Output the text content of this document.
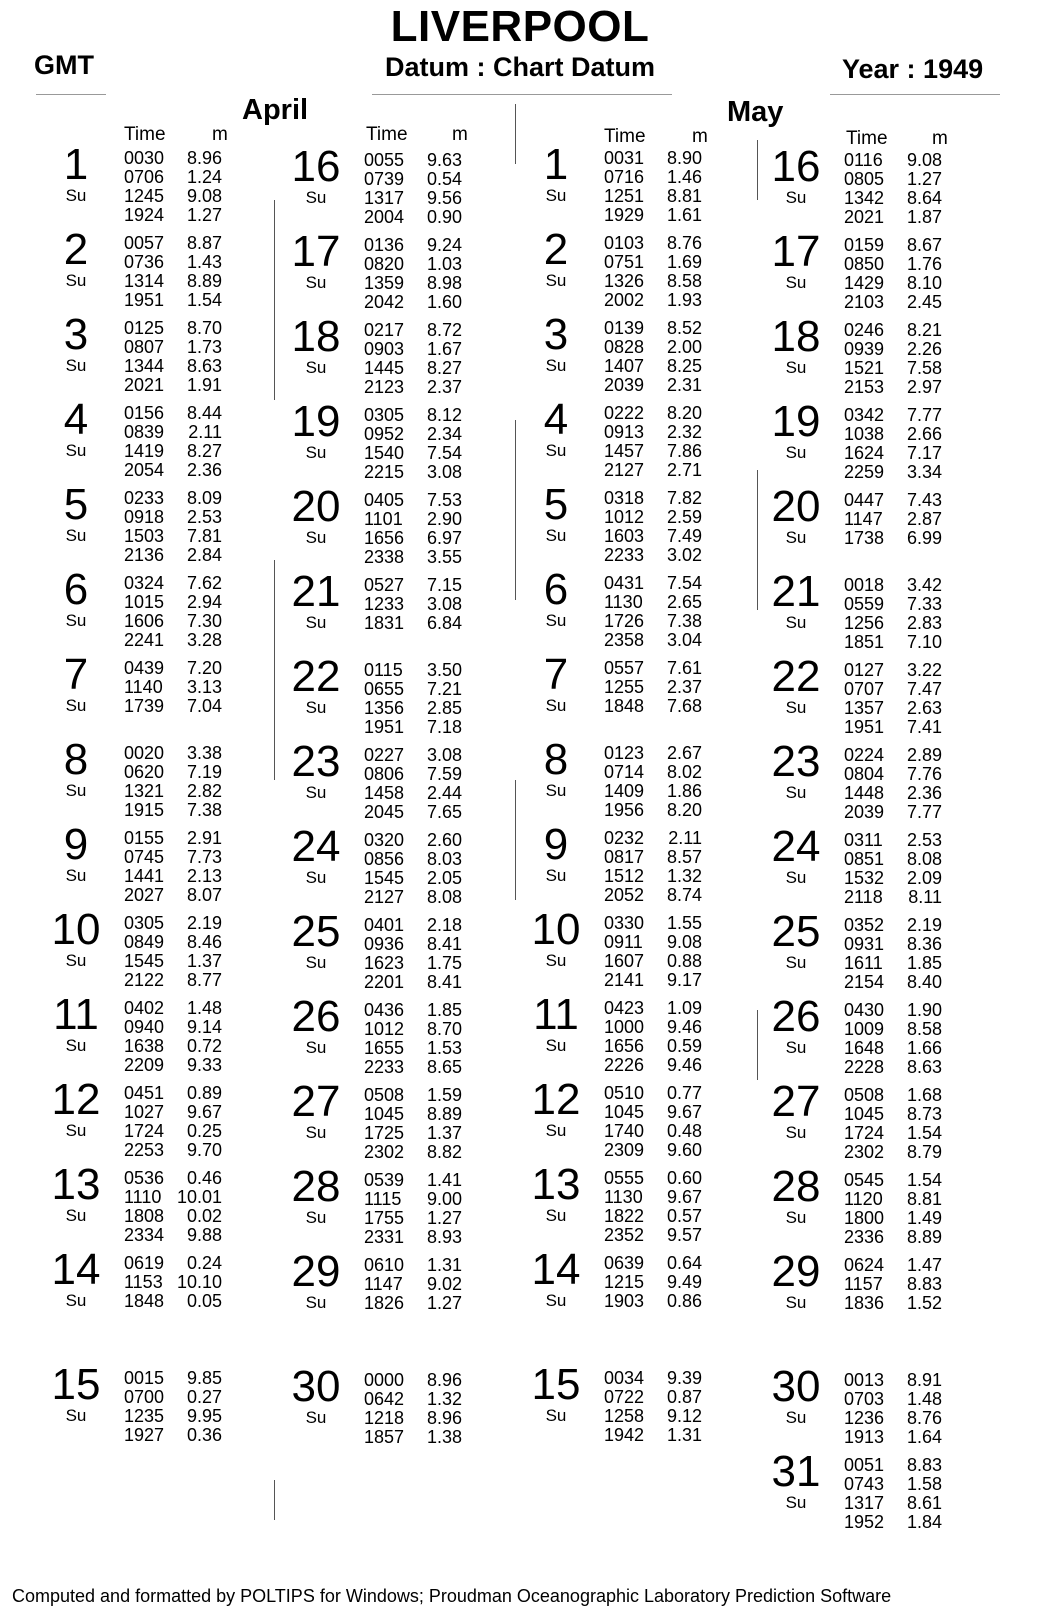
LIVERPOOL
GMT	Datum : Chart Datum	Year : 1949
April	May
Time m	Time m	Time m	Time m
1
Su
0030 8.96
0706 1.24
1245 9.08
1924 1.27
2
Su
0057 8.87
0736 1.43
1314 8.89
1951 1.54
3
Su
0125 8.70
0807 1.73
1344 8.63
2021 1.91
4
Su
0156 8.44
0839 2.11
1419 8.27
2054 2.36
5
Su
0233 8.09
0918 2.53
1503 7.81
2136 2.84
6
Su
0324 7.62
1015 2.94
1606 7.30
2241 3.28
7
Su
0439 7.20
1140 3.13
1739 7.04
8
Su
0020 3.38
0620 7.19
1321 2.82
1915 7.38
9
Su
0155 2.91
0745 7.73
1441 2.13
2027 8.07
10
Su
0305 2.19
0849 8.46
1545 1.37
2122 8.77
11
Su
0402 1.48
0940 9.14
1638 0.72
2209 9.33
12
Su
0451 0.89
1027 9.67
1724 0.25
2253 9.70
13
Su
0536 0.46
1110 10.01
1808 0.02
2334 9.88
14
Su
0619 0.24
1153 10.10
1848 0.05
15
Su
0015 9.85
0700 0.27
1235 9.95
1927 0.36
16
Su
0055 9.63
0739 0.54
1317 9.56
2004 0.90
17
Su
0136 9.24
0820 1.03
1359 8.98
2042 1.60
18
Su
0217 8.72
0903 1.67
1445 8.27
2123 2.37
19
Su
0305 8.12
0952 2.34
1540 7.54
2215 3.08
20
Su
0405 7.53
1101 2.90
1656 6.97
2338 3.55
21
Su
0527 7.15
1233 3.08
1831 6.84
22
Su
0115 3.50
0655 7.21
1356 2.85
1951 7.18
23
Su
0227 3.08
0806 7.59
1458 2.44
2045 7.65
24
Su
0320 2.60
0856 8.03
1545 2.05
2127 8.08
25
Su
0401 2.18
0936 8.41
1623 1.75
2201 8.41
26
Su
0436 1.85
1012 8.70
1655 1.53
2233 8.65
27
Su
0508 1.59
1045 8.89
1725 1.37
2302 8.82
28
Su
0539 1.41
1115 9.00
1755 1.27
2331 8.93
29
Su
0610 1.31
1147 9.02
1826 1.27
30
Su
0000 8.96
0642 1.32
1218 8.96
1857 1.38
1
Su
0031 8.90
0716 1.46
1251 8.81
1929 1.61
2
Su
0103 8.76
0751 1.69
1326 8.58
2002 1.93
3
Su
0139 8.52
0828 2.00
1407 8.25
2039 2.31
4
Su
0222 8.20
0913 2.32
1457 7.86
2127 2.71
5
Su
0318 7.82
1012 2.59
1603 7.49
2233 3.02
6
Su
0431 7.54
1130 2.65
1726 7.38
2358 3.04
7
Su
0557 7.61
1255 2.37
1848 7.68
8
Su
0123 2.67
0714 8.02
1409 1.86
1956 8.20
9
Su
0232 2.11
0817 8.57
1512 1.32
2052 8.74
10
Su
0330 1.55
0911 9.08
1607 0.88
2141 9.17
11
Su
0423 1.09
1000 9.46
1656 0.59
2226 9.46
12
Su
0510 0.77
1045 9.67
1740 0.48
2309 9.60
13
Su
0555 0.60
1130 9.67
1822 0.57
2352 9.57
14
Su
0639 0.64
1215 9.49
1903 0.86
15
Su
0034 9.39
0722 0.87
1258 9.12
1942 1.31
16
Su
0116 9.08
0805 1.27
1342 8.64
2021 1.87
17
Su
0159 8.67
0850 1.76
1429 8.10
2103 2.45
18
Su
0246 8.21
0939 2.26
1521 7.58
2153 2.97
19
Su
0342 7.77
1038 2.66
1624 7.17
2259 3.34
20
Su
0447 7.43
1147 2.87
1738 6.99
21
Su
0018 3.42
0559 7.33
1256 2.83
1851 7.10
22
Su
0127 3.22
0707 7.47
1357 2.63
1951 7.41
23
Su
0224 2.89
0804 7.76
1448 2.36
2039 7.77
24
Su
0311 2.53
0851 8.08
1532 2.09
2118 8.11
25
Su
0352 2.19
0931 8.36
1611 1.85
2154 8.40
26
Su
0430 1.90
1009 8.58
1648 1.66
2228 8.63
27
Su
0508 1.68
1045 8.73
1724 1.54
2302 8.79
28
Su
0545 1.54
1120 8.81
1800 1.49
2336 8.89
29
Su
0624 1.47
1157 8.83
1836 1.52
30
Su
0013 8.91
0703 1.48
1236 8.76
1913 1.64
31
Su
0051 8.83
0743 1.58
1317 8.61
1952 1.84
Computed and formatted by POLTIPS for Windows; Proudman Oceanographic Laboratory Prediction Software
